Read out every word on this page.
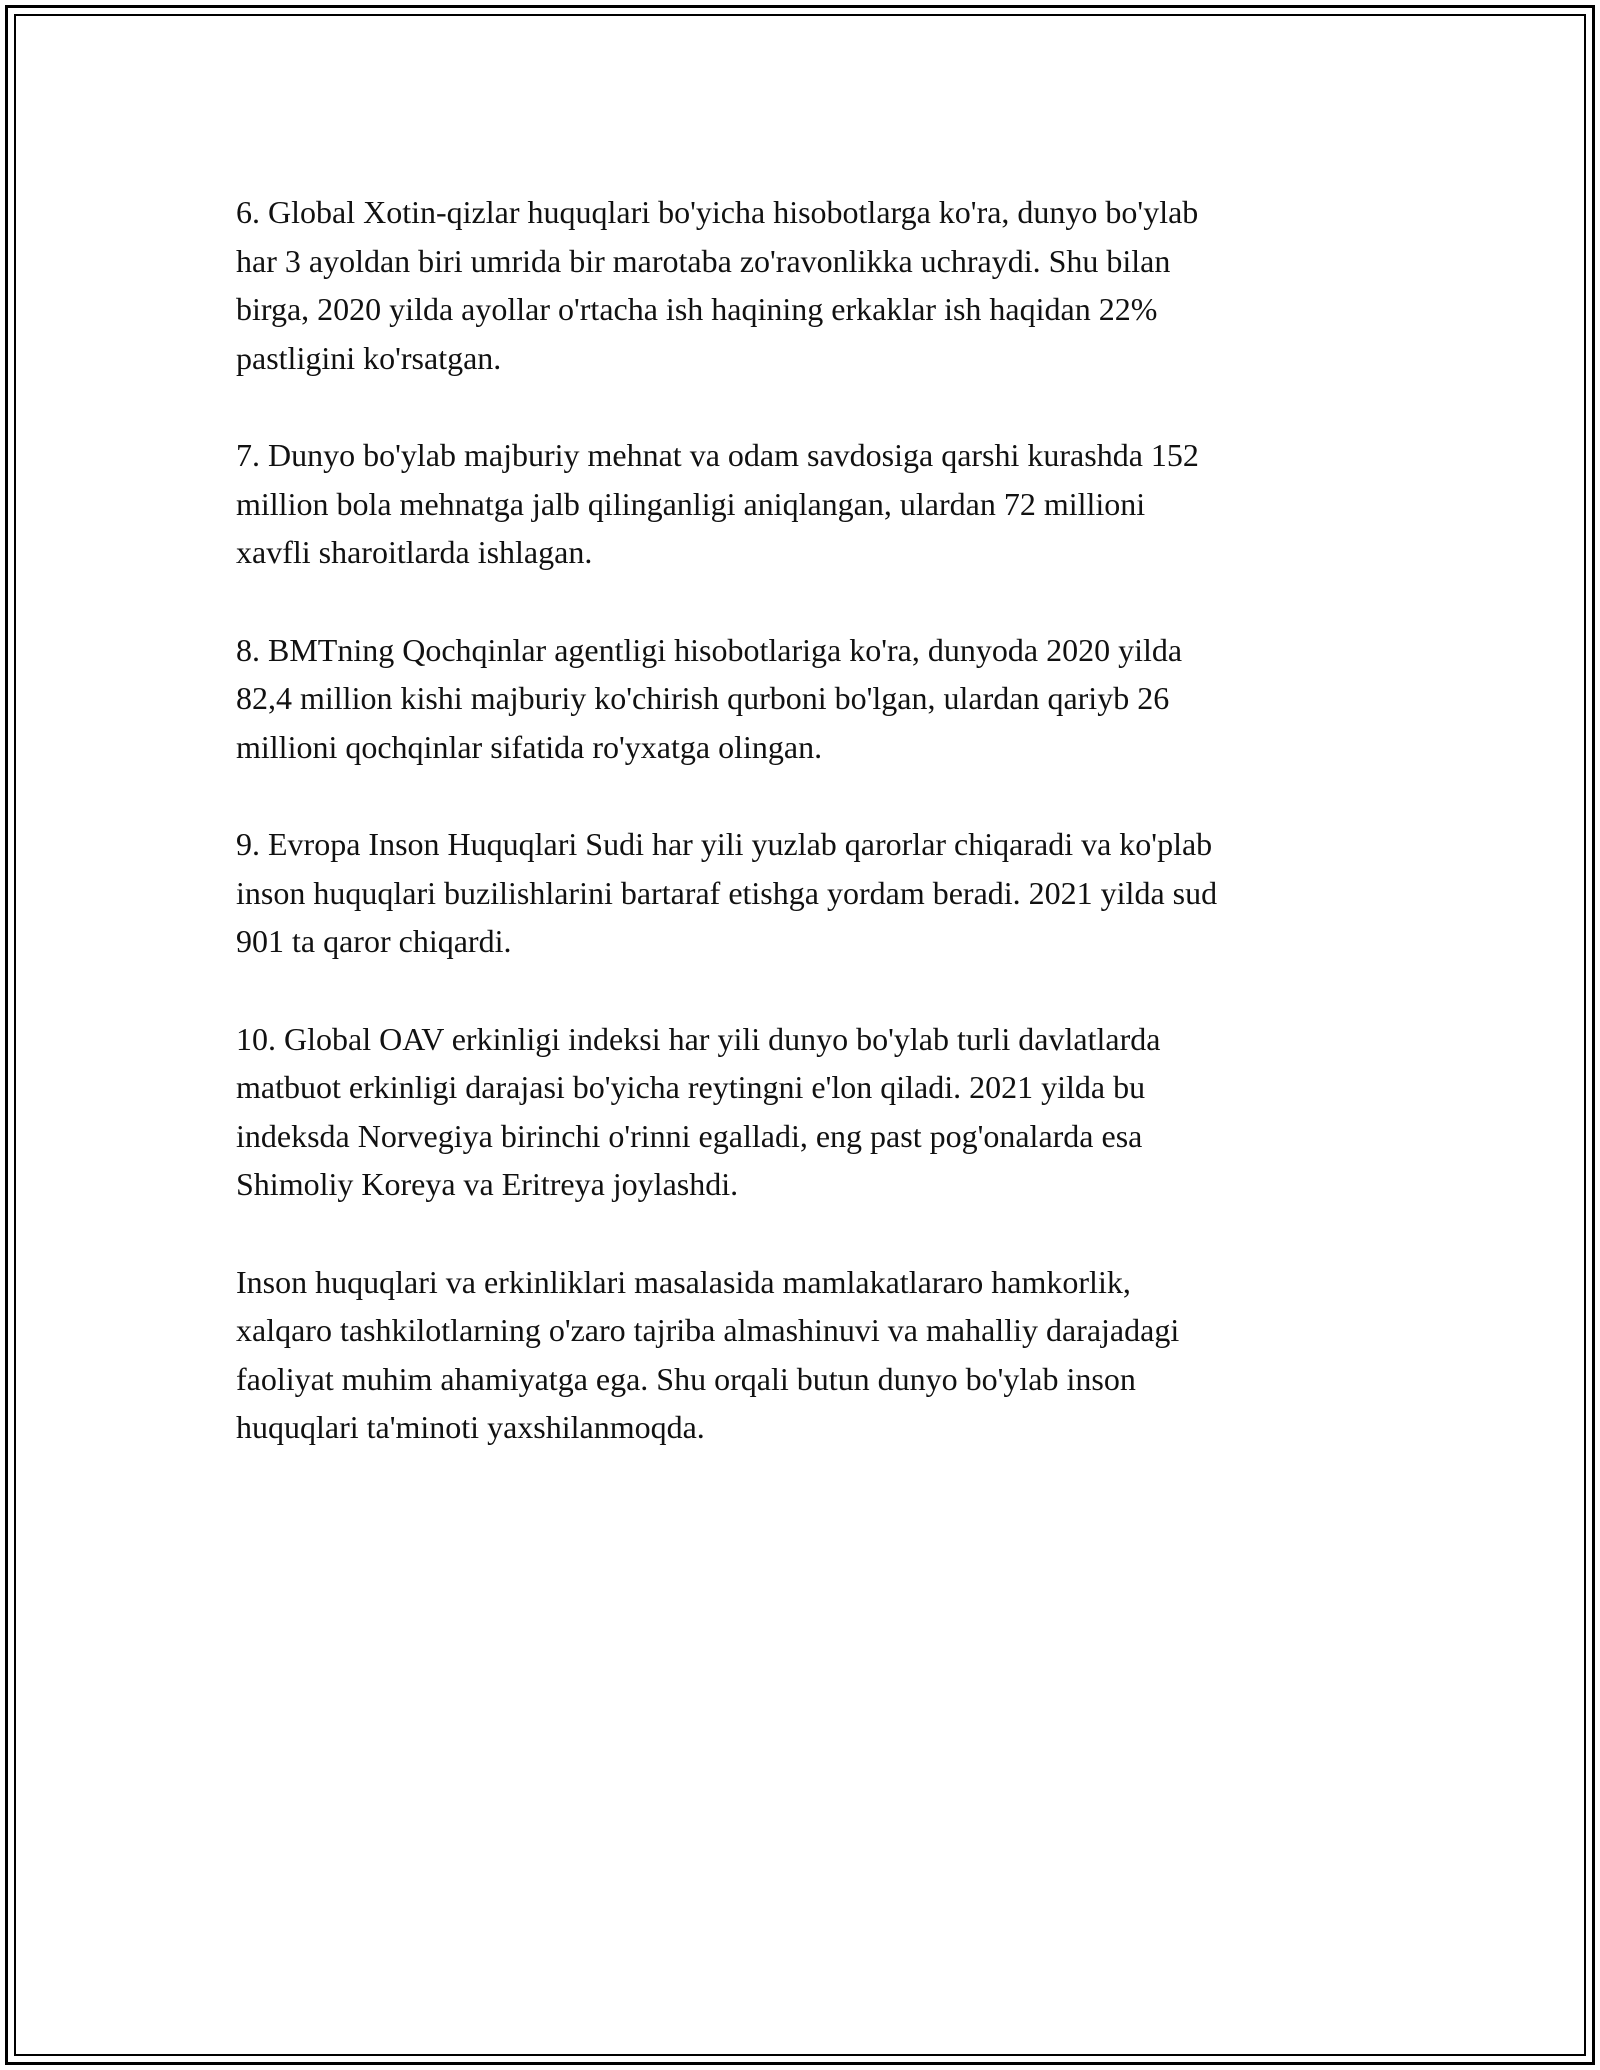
6. Global Xotin-qizlar huquqlari bo'yicha hisobotlarga ko'ra, dunyo bo'ylab
har 3 ayoldan biri umrida bir marotaba zo'ravonlikka uchraydi. Shu bilan
birga, 2020 yilda ayollar o'rtacha ish haqining erkaklar ish haqidan 22%
pastligini ko'rsatgan.

7. Dunyo bo'ylab majburiy mehnat va odam savdosiga qarshi kurashda 152
million bola mehnatga jalb qilinganligi aniqlangan, ulardan 72 millioni
xavfli sharoitlarda ishlagan.

8. BMTning Qochqinlar agentligi hisobotlariga ko'ra, dunyoda 2020 yilda
82,4 million kishi majburiy ko'chirish qurboni bo'lgan, ulardan qariyb 26
millioni qochqinlar sifatida ro'yxatga olingan.

9. Evropa Inson Huquqlari Sudi har yili yuzlab qarorlar chiqaradi va ko'plab
inson huquqlari buzilishlarini bartaraf etishga yordam beradi. 2021 yilda sud
901 ta qaror chiqardi.

10. Global OAV erkinligi indeksi har yili dunyo bo'ylab turli davlatlarda
matbuot erkinligi darajasi bo'yicha reytingni e'lon qiladi. 2021 yilda bu
indeksda Norvegiya birinchi o'rinni egalladi, eng past pog'onalarda esa
Shimoliy Koreya va Eritreya joylashdi.

Inson huquqlari va erkinliklari masalasida mamlakatlararo hamkorlik,
xalqaro tashkilotlarning o'zaro tajriba almashinuvi va mahalliy darajadagi
faoliyat muhim ahamiyatga ega. Shu orqali butun dunyo bo'ylab inson
huquqlari ta'minoti yaxshilanmoqda.
